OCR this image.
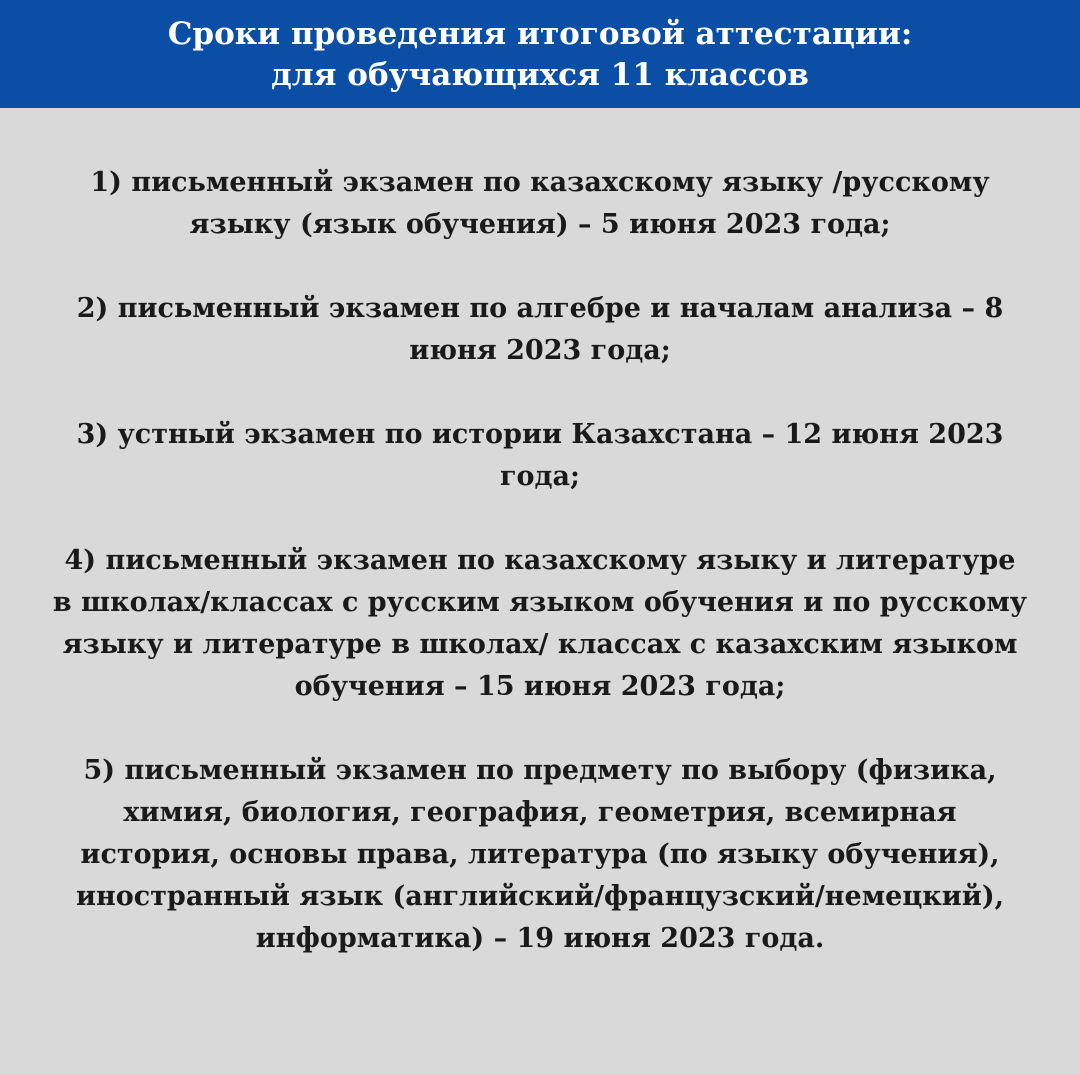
Сроки проведения итоговой аттестации:
для обучающихся 11 классов
1) письменный экзамен по казахскому языку /русскому
языку (язык обучения) – 5 июня 2023 года;
2) письменный экзамен по алгебре и началам анализа – 8
июня 2023 года;
3) устный экзамен по истории Казахстана – 12 июня 2023
года;
4) письменный экзамен по казахскому языку и литературе
в школах/классах с русским языком обучения и по русскому
языку и литературе в школах/ классах с казахским языком
обучения – 15 июня 2023 года;
5) письменный экзамен по предмету по выбору (физика,
химия, биология, география, геометрия, всемирная
история, основы права, литература (по языку обучения),
иностранный язык (английский/французский/немецкий),
информатика) – 19 июня 2023 года.
